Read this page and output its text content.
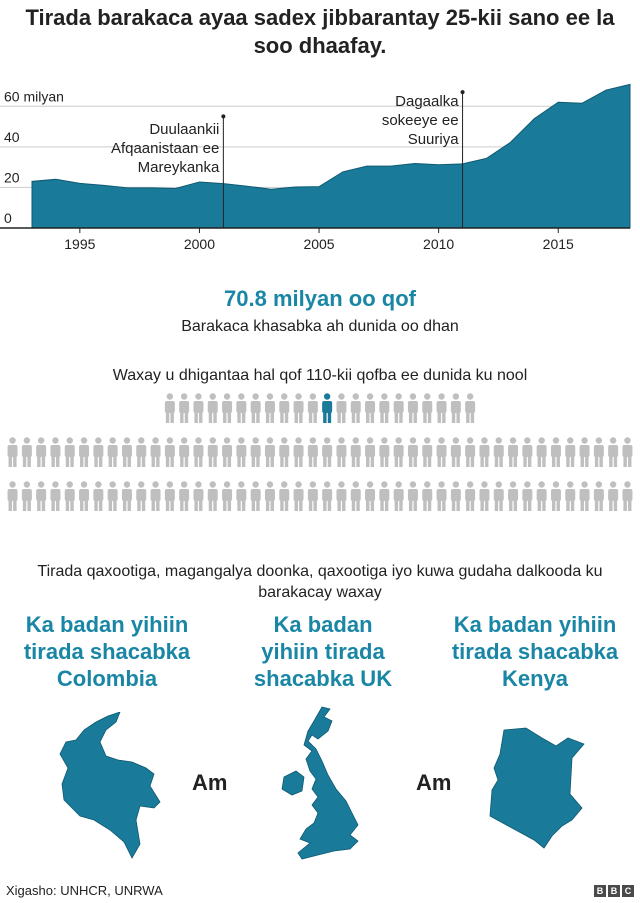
Tirada barakaca ayaa sadex jibbarantay 25-kii sano ee la soo dhaafay.
0
20
40
60 milyan
1995	2000	2005	2010	2015
Duulaankii
Afqaanistaan ee
Mareykanka
Dagaalka
sokeeye ee
Suuriya
70.8 milyan oo qof
Barakaca khasabka ah dunida oo dhan
Waxay u dhigantaa hal qof 110-kii qofba ee dunida ku nool
Tirada qaxootiga, magangalya doonka, qaxootiga iyo kuwa gudaha dalkooda ku barakacay waxay
Ka badan yihiin
tirada shacabka
Colombia
Ka badan
yihiin tirada
shacabka UK
Ka badan yihiin
tirada shacabka
Kenya
Am	Am
Xigasho: UNHCR, UNRWA	B B C
